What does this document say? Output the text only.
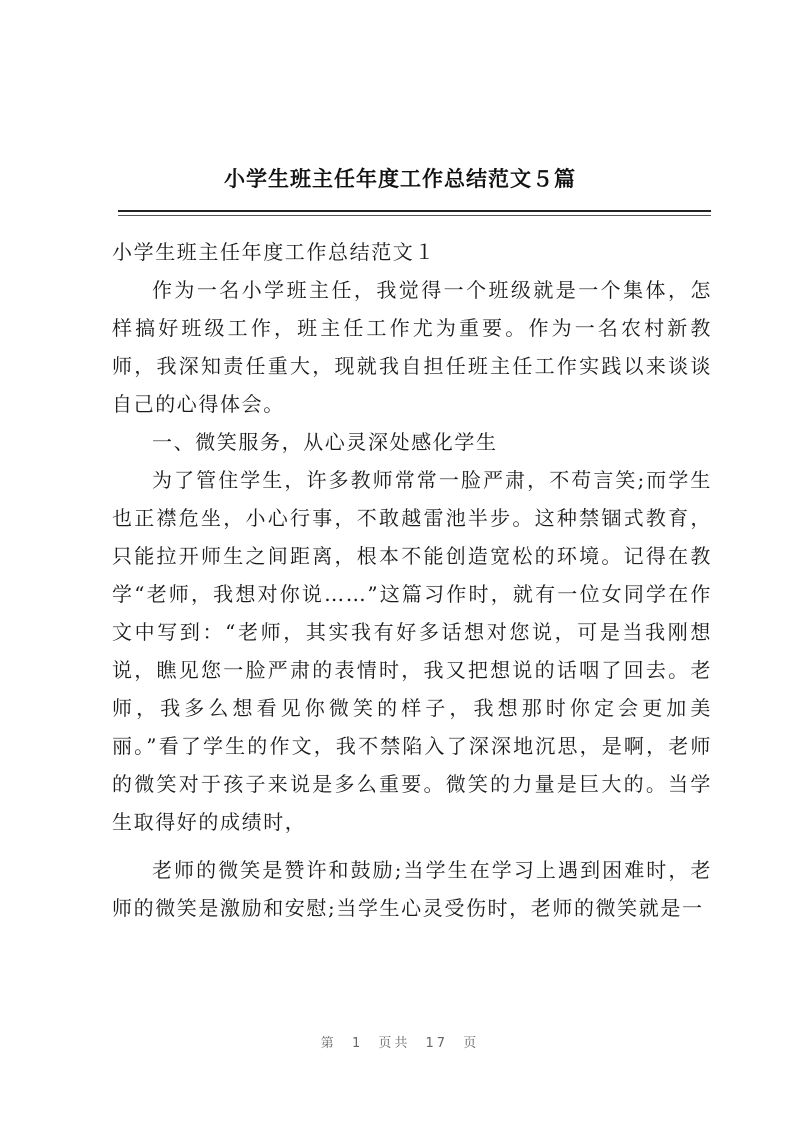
小学生班主任年度工作总结范文５篇

小学生班主任年度工作总结范文１

作为一名小学班主任，我觉得一个班级就是一个集体，怎样搞好班级工作，班主任工作尤为重要。作为一名农村新教师，我深知责任重大，现就我自担任班主任工作实践以来谈谈自己的心得体会。

一、微笑服务，从心灵深处感化学生

为了管住学生，许多教师常常一脸严肃，不苟言笑;而学生也正襟危坐，小心行事，不敢越雷池半步。这种禁锢式教育，只能拉开师生之间距离，根本不能创造宽松的环境。记得在教学“老师，我想对你说……”这篇习作时，就有一位女同学在作文中写到：“老师，其实我有好多话想对您说，可是当我刚想说，瞧见您一脸严肃的表情时，我又把想说的话咽了回去。老师，我多么想看见你微笑的样子，我想那时你定会更加美丽。”看了学生的作文，我不禁陷入了深深地沉思，是啊，老师的微笑对于孩子来说是多么重要。微笑的力量是巨大的。当学生取得好的成绩时，

老师的微笑是赞许和鼓励;当学生在学习上遇到困难时，老师的微笑是激励和安慰;当学生心灵受伤时，老师的微笑就是一

第 1 页共 17 页
